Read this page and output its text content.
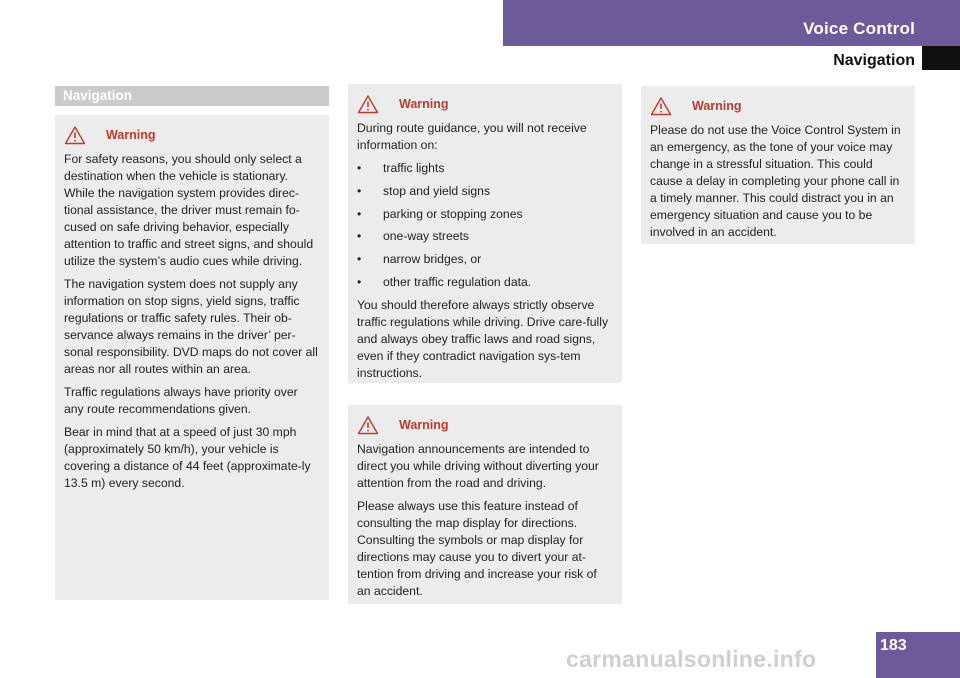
Voice Control
Navigation
Navigation
Warning

For safety reasons, you should only select a destination when the vehicle is stationary. While the navigation system provides direc-tional assistance, the driver must remain fo-cused on safe driving behavior, especially attention to traffic and street signs, and should utilize the system’s audio cues while driving.

The navigation system does not supply any information on stop signs, yield signs, traffic regulations or traffic safety rules. Their ob-servance always remains in the driver’ per-sonal responsibility. DVD maps do not cover all areas nor all routes within an area.

Traffic regulations always have priority over any route recommendations given.

Bear in mind that at a speed of just 30 mph (approximately 50 km/h), your vehicle is covering a distance of 44 feet (approximate-ly 13.5 m) every second.

Warning

During route guidance, you will not receive information on:

• traffic lights
• stop and yield signs
• parking or stopping zones
• one-way streets
• narrow bridges, or
• other traffic regulation data.

You should therefore always strictly observe traffic regulations while driving. Drive care-fully and always obey traffic laws and road signs, even if they contradict navigation sys-tem instructions.

Warning

Navigation announcements are intended to direct you while driving without diverting your attention from the road and driving.

Please always use this feature instead of consulting the map display for directions. Consulting the symbols or map display for directions may cause you to divert your at-tention from driving and increase your risk of an accident.

Warning

Please do not use the Voice Control System in an emergency, as the tone of your voice may change in a stressful situation. This could cause a delay in completing your phone call in a timely manner. This could distract you in an emergency situation and cause you to be involved in an accident.

183
carmanualsonline.info
